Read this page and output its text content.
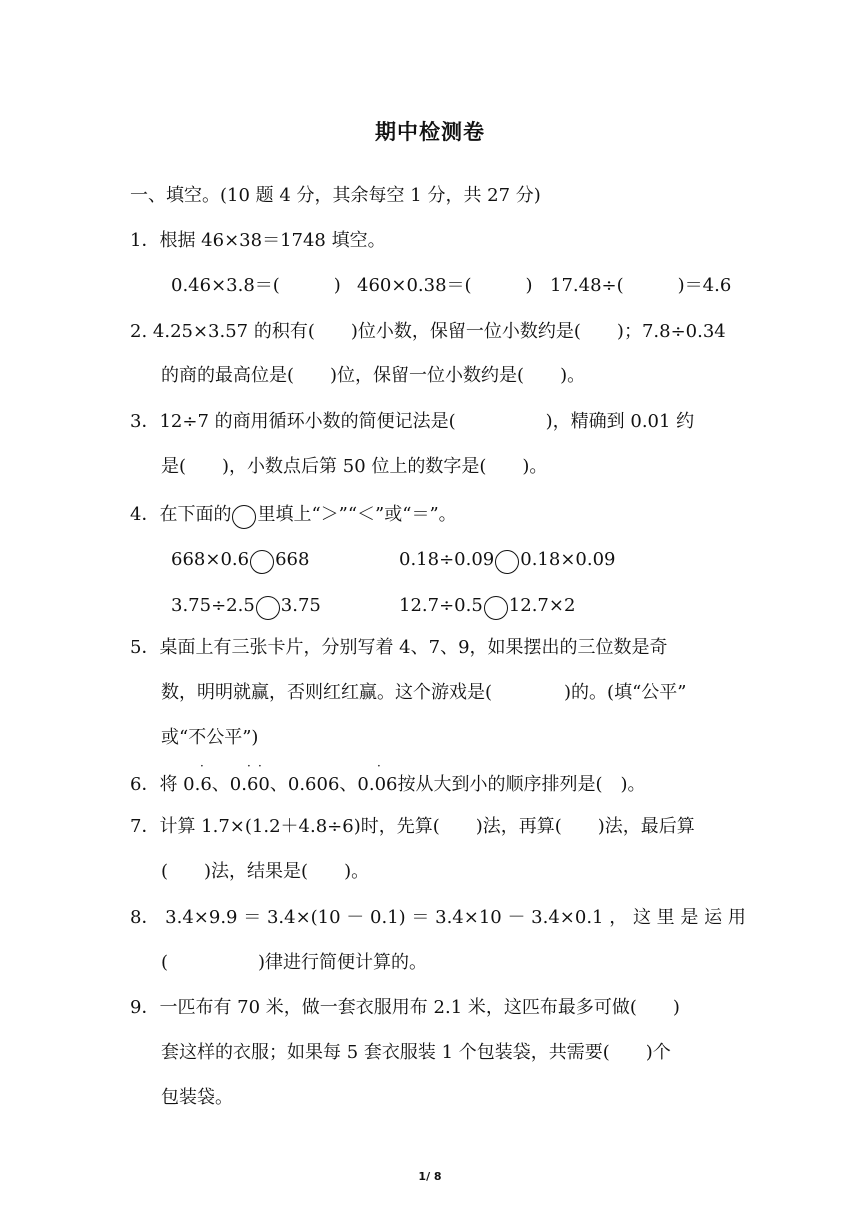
期中检测卷
一、填空。(10 题 4 分，其余每空 1 分，共 27 分)
1．根据 46×38＝1748 填空。
0.46×3.8＝(　　　) 460×0.38＝(　　　) 17.48÷(　　　)＝4.6
2. 4.25×3.57 的积有(　　)位小数，保留一位小数约是(　　)；7.8÷0.34
的商的最高位是(　　)位，保留一位小数约是(　　)。
3．12÷7 的商用循环小数的简便记法是(　　　　　)，精确到 0.01 约
是(　　)，小数点后第 50 位上的数字是(　　)。
4．在下面的 里填上“＞”“＜”或“＝”。
668×0.6 668	0.18÷0.09 0.18×0.09
3.75÷2.5 3.75	12.7÷0.5 12.7×2
5．桌面上有三张卡片，分别写着 4、7、9，如果摆出的三位数是奇
数，明明就赢，否则红红赢。这个游戏是(　　　　)的。(填“公平”
或“不公平”)
6．将 0.6、0.60、0.606、0.06按从大到小的顺序排列是(　)。
·	· ·	·
7．计算 1.7×(1.2＋4.8÷6)时，先算(　　)法，再算(　　)法，最后算
(　　)法，结果是(　　)。
8． 3.4×9.9 ＝ 3.4×(10 － 0.1) ＝ 3.4×10 － 3.4×0.1 ， 这 里 是 运 用
(　　　　　)律进行简便计算的。
9．一匹布有 70 米，做一套衣服用布 2.1 米，这匹布最多可做(　　)
套这样的衣服；如果每 5 套衣服装 1 个包装袋，共需要(　　)个
包装袋。
1/ 8
